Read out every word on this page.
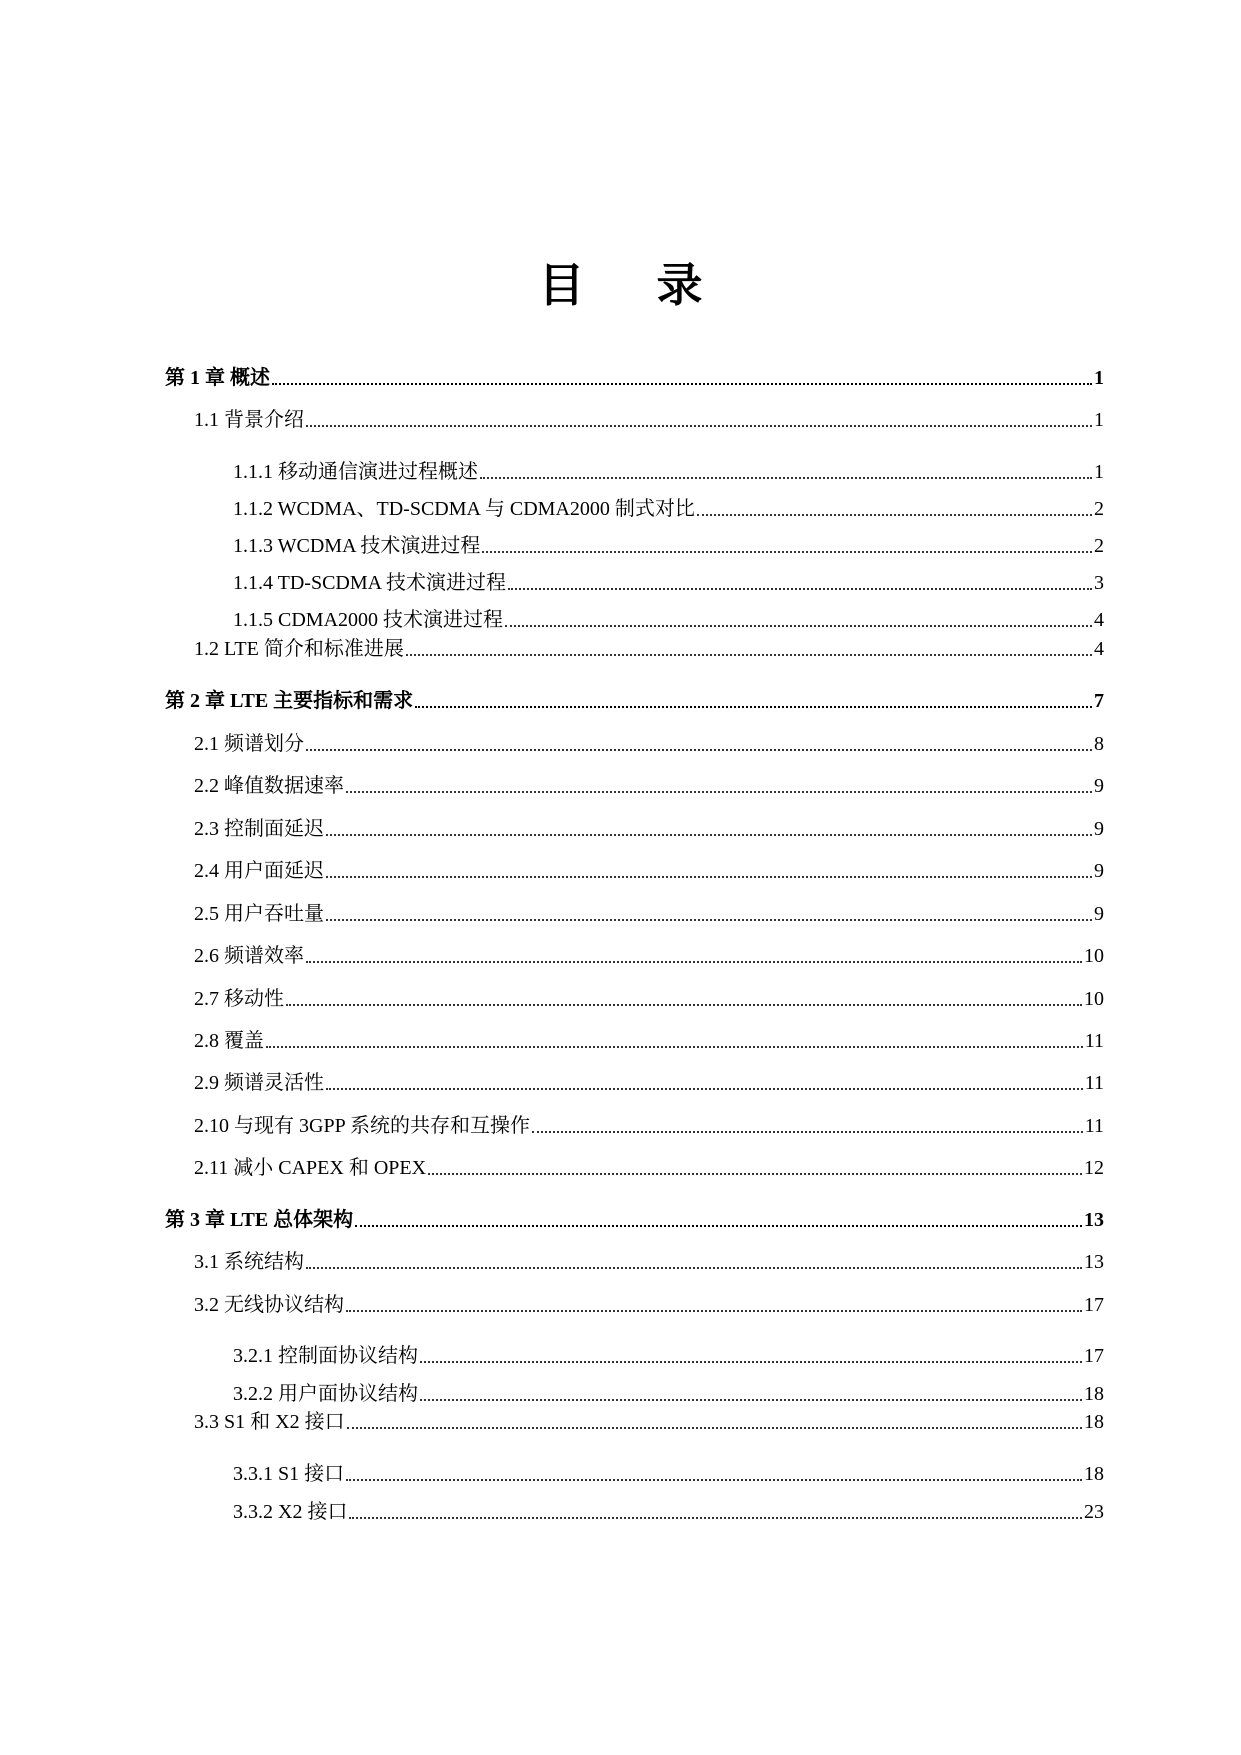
目 录
第 1 章 概述	1
1.1 背景介绍	1
1.1.1 移动通信演进过程概述	1
1.1.2 WCDMA、TD-SCDMA 与 CDMA2000 制式对比	2
1.1.3 WCDMA 技术演进过程	2
1.1.4 TD-SCDMA 技术演进过程	3
1.1.5 CDMA2000 技术演进过程	4
1.2 LTE 简介和标准进展	4
第 2 章 LTE 主要指标和需求	7
2.1 频谱划分	8
2.2 峰值数据速率	9
2.3 控制面延迟	9
2.4 用户面延迟	9
2.5 用户吞吐量	9
2.6 频谱效率	10
2.7 移动性	10
2.8 覆盖	11
2.9 频谱灵活性	11
2.10 与现有 3GPP 系统的共存和互操作	11
2.11 减小 CAPEX 和 OPEX	12
第 3 章 LTE 总体架构	13
3.1 系统结构	13
3.2 无线协议结构	17
3.2.1 控制面协议结构	17
3.2.2 用户面协议结构	18
3.3 S1 和 X2 接口	18
3.3.1 S1 接口	18
3.3.2 X2 接口	23
